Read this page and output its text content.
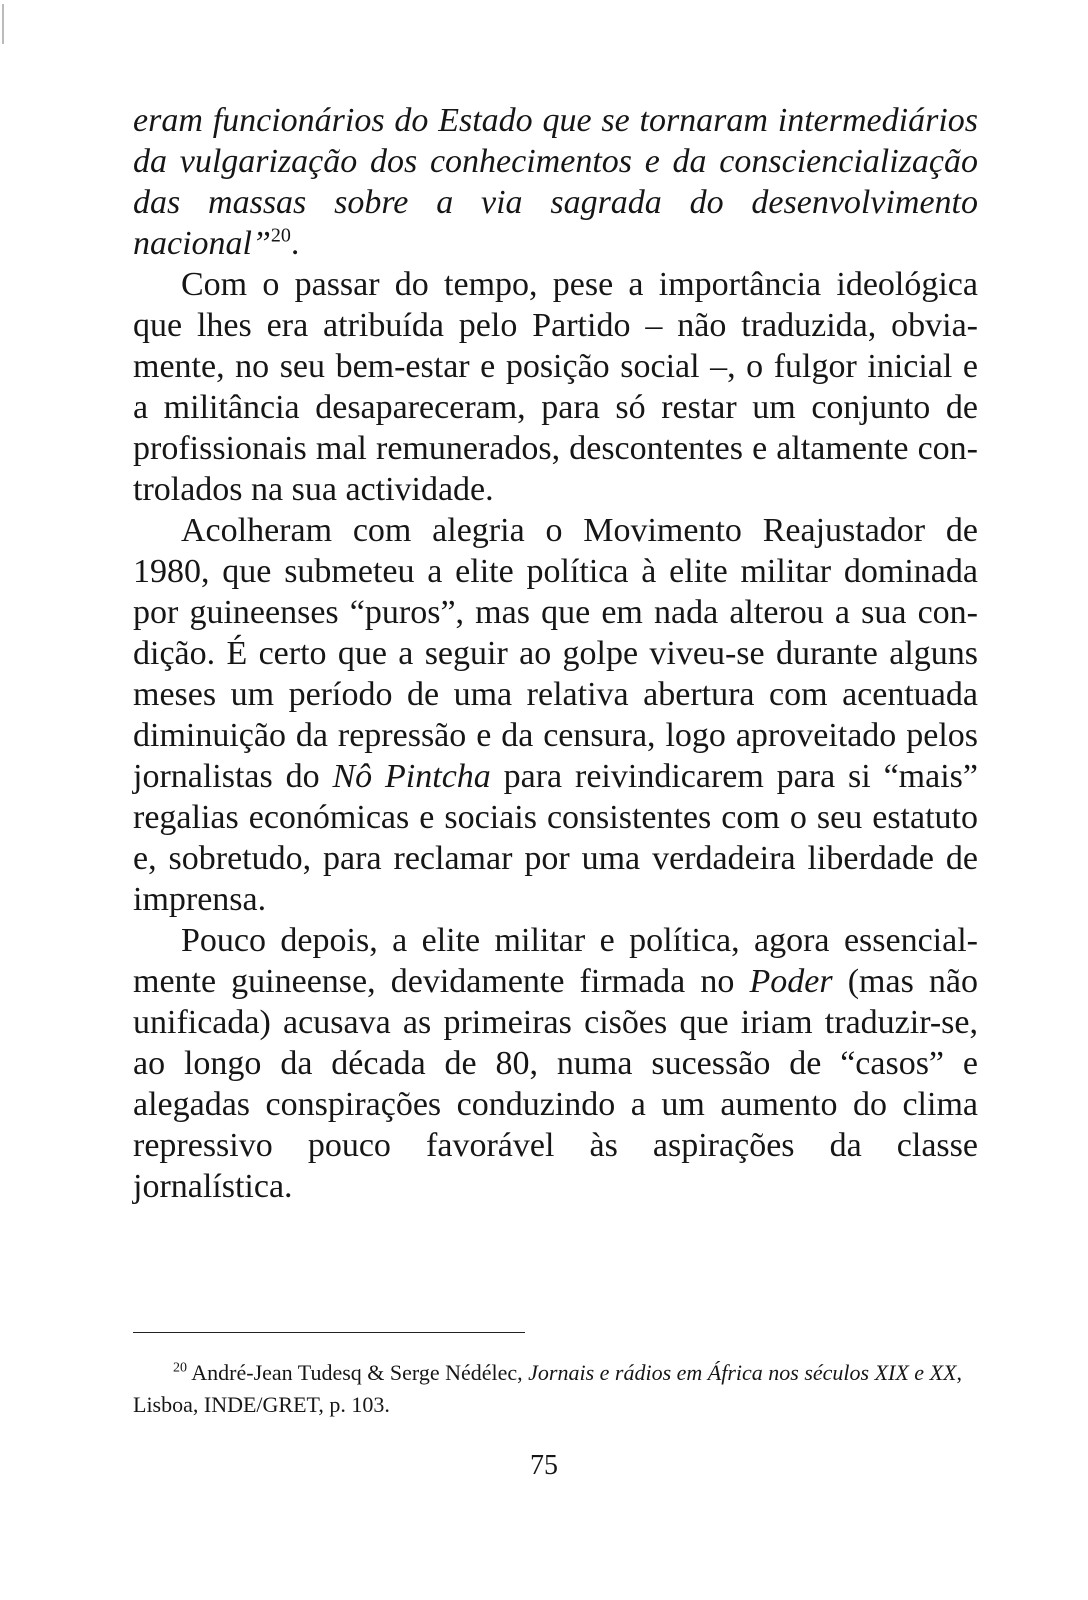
eram funcionários do Estado que se tornaram intermediários da vulgarização dos conhecimentos e da consciencialização das massas sobre a via sagrada do desenvolvimento nacional”$^{20}$.

Com o passar do tempo, pese a importância ideológica que lhes era atribuída pelo Partido – não traduzida, obviamente, no seu bem-estar e posição social –, o fulgor inicial e a militância desapareceram, para só restar um conjunto de profissionais mal remunerados, descontentes e altamente controlados na sua actividade.

Acolheram com alegria o Movimento Reajustador de 1980, que submeteu a elite política à elite militar dominada por guineenses “puros”, mas que em nada alterou a sua condição. É certo que a seguir ao golpe viveu-se durante alguns meses um período de uma relativa abertura com acentuada diminuição da repressão e da censura, logo aproveitado pelos jornalistas do Nô Pintcha para reivindicarem para si “mais” regalias económicas e sociais consistentes com o seu estatuto e, sobretudo, para reclamar por uma verdadeira liberdade de imprensa.

Pouco depois, a elite militar e política, agora essencialmente guineense, devidamente firmada no Poder (mas não unificada) acusava as primeiras cisões que iriam traduzir-se, ao longo da década de 80, numa sucessão de “casos” e alegadas conspirações conduzindo a um aumento do clima repressivo pouco favorável às aspirações da classe jornalística.

$^{20}$ André-Jean Tudesq & Serge Nédélec, Jornais e rádios em África nos séculos XIX e XX, Lisboa, INDE/GRET, p. 103.

75
